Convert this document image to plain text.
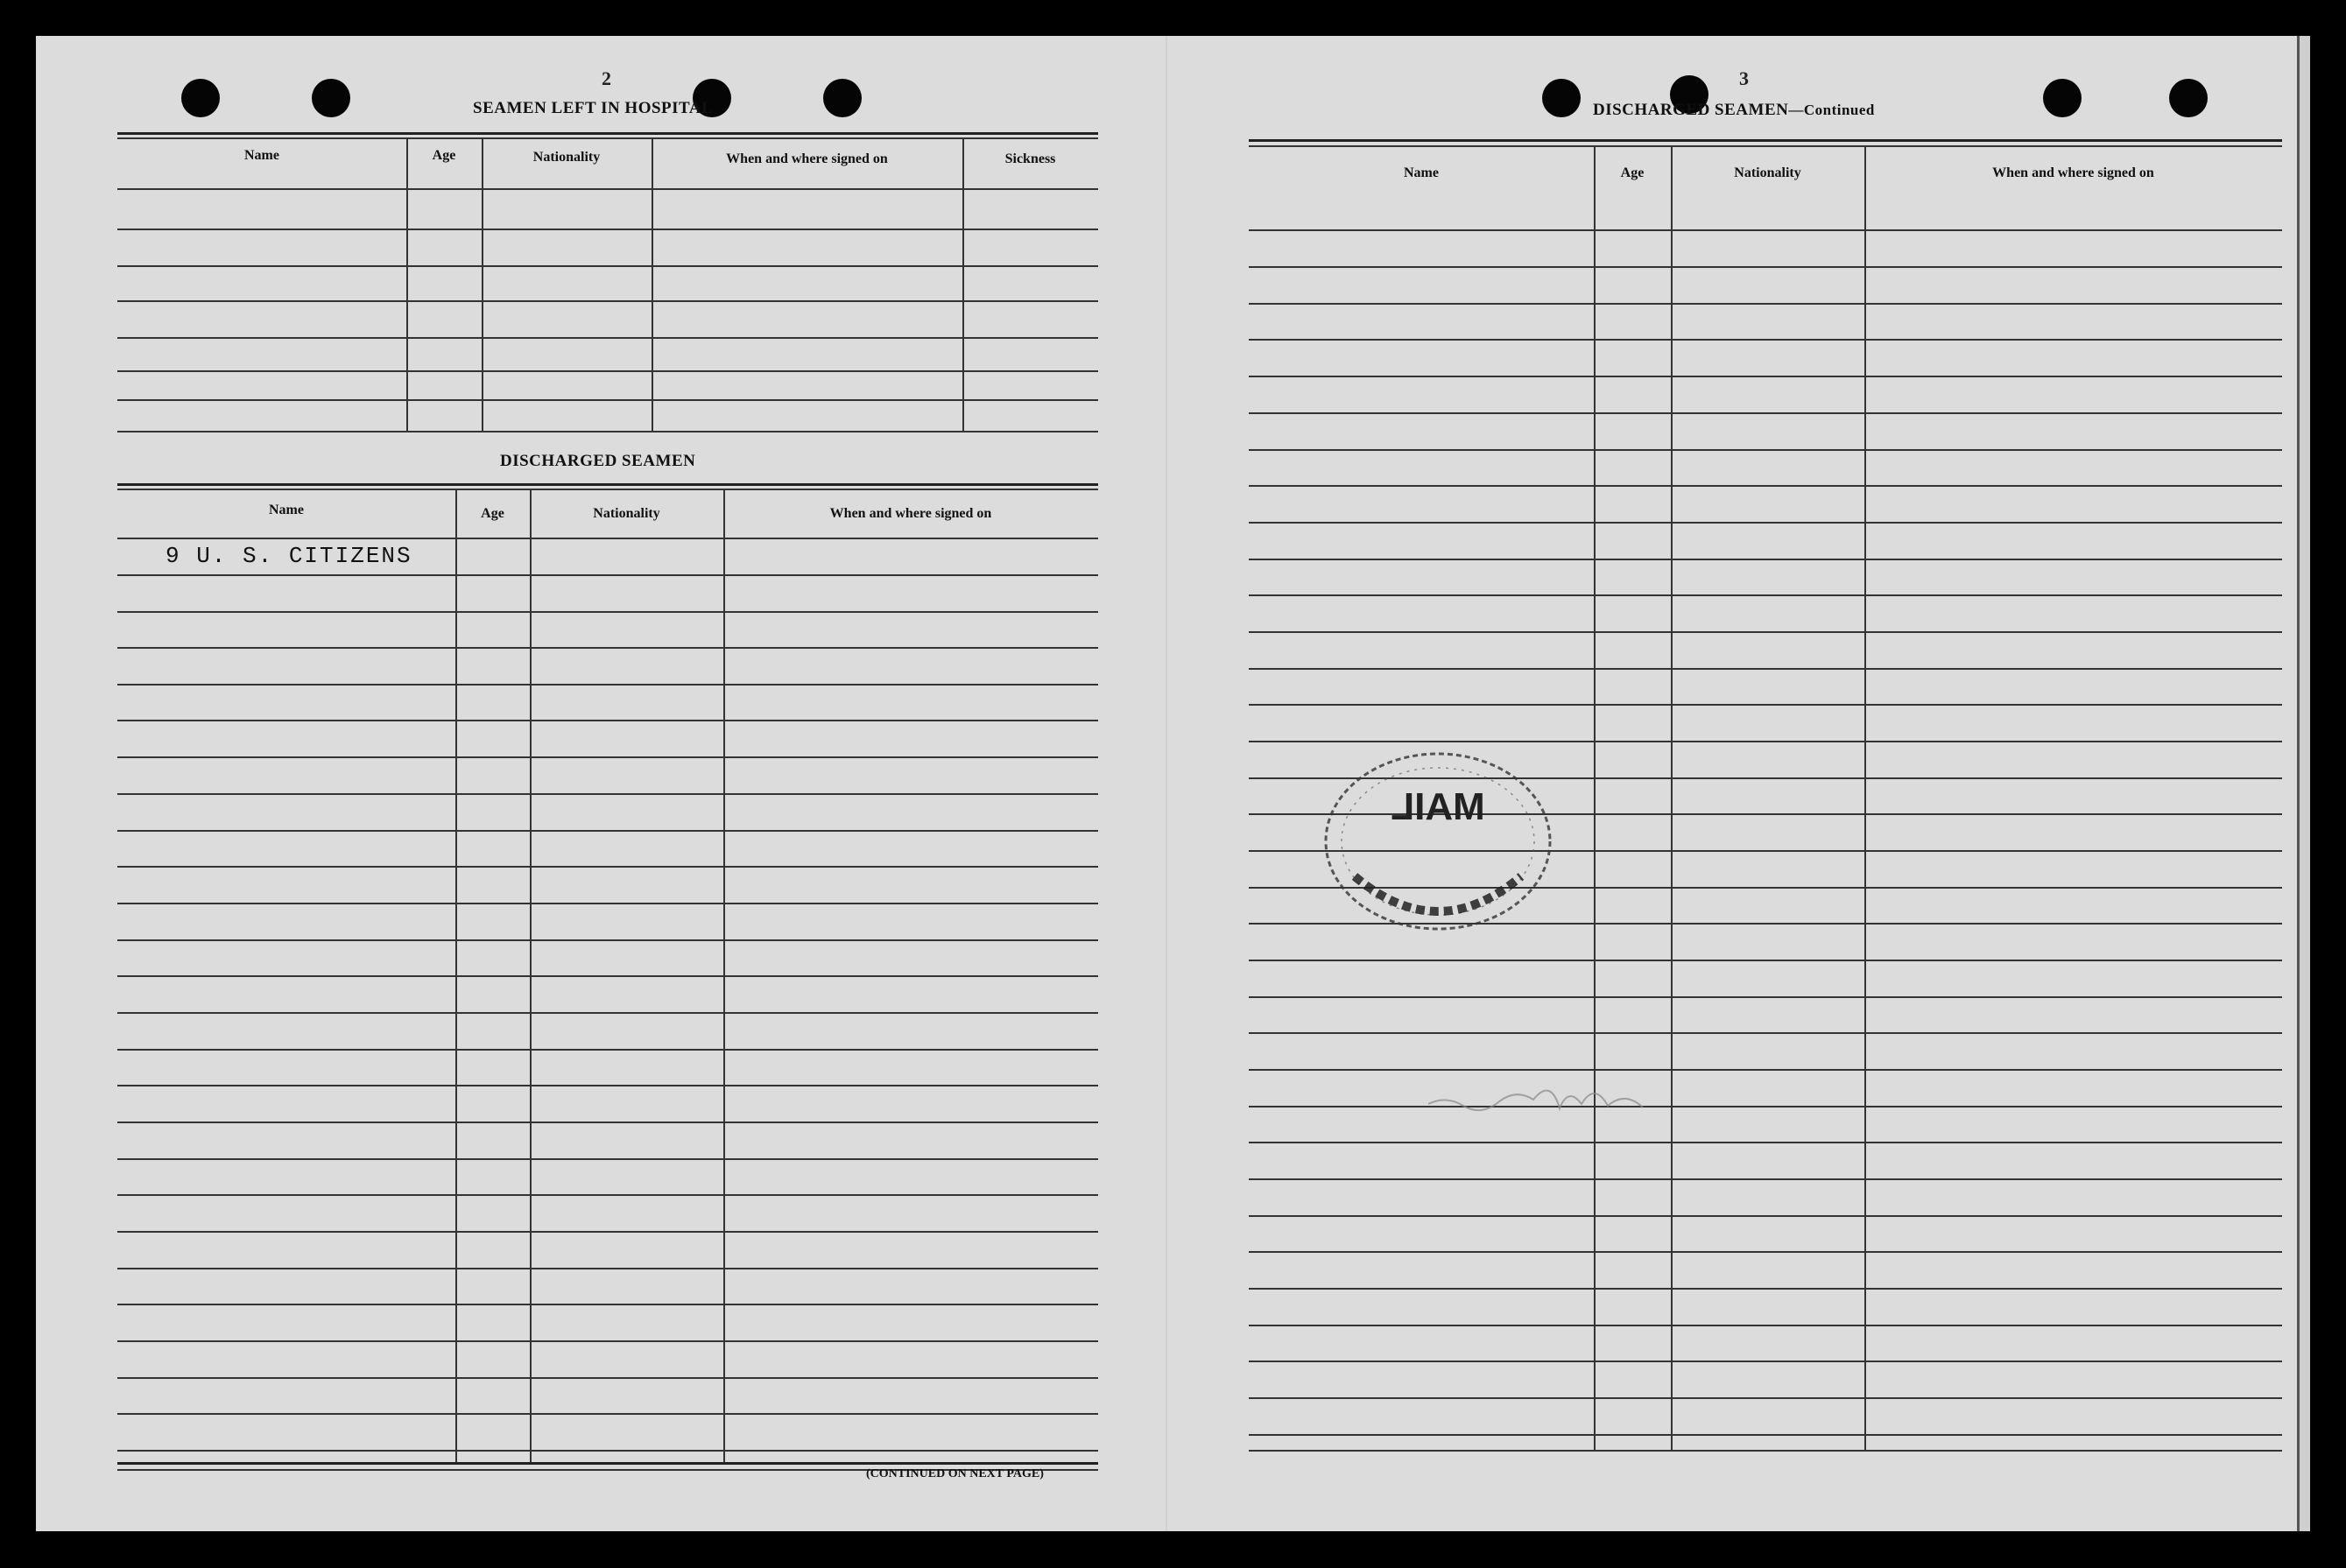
2
SEAMEN LEFT IN HOSPITAL
Name	Age	Nationality	When and where signed on	Sickness
DISCHARGED SEAMEN
Name	Age	Nationality	When and where signed on
9 U. S. CITIZENS
(CONTINUED ON NEXT PAGE)
3
DISCHARGED SEAMEN—Continued
Name	Age	Nationality	When and where signed on
MAIL
